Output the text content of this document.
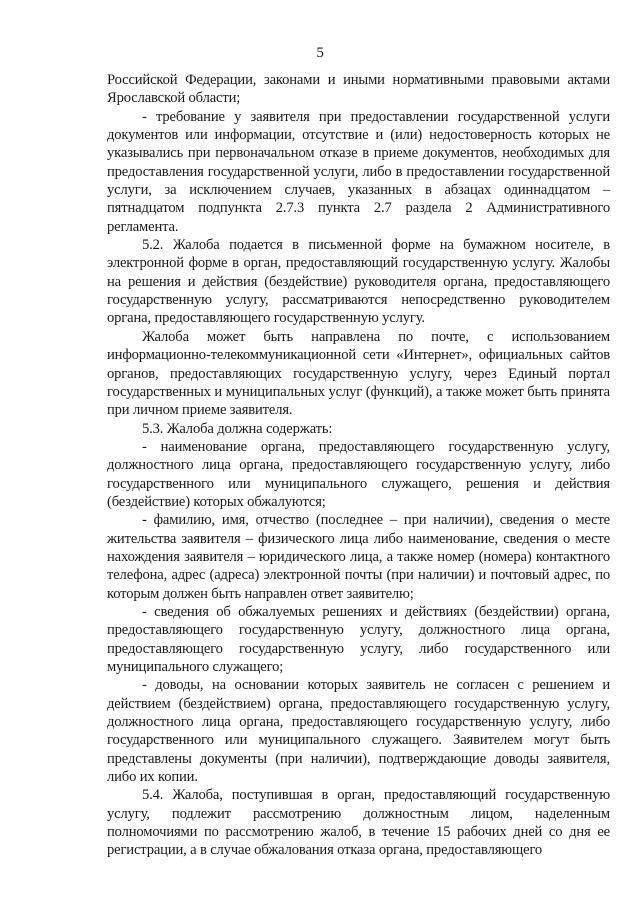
5

Российской Федерации, законами и иными нормативными правовыми актами Ярославской области;

- требование у заявителя при предоставлении государственной услуги документов или информации, отсутствие и (или) недостоверность которых не указывались при первоначальном отказе в приеме документов, необходимых для предоставления государственной услуги, либо в предоставлении государственной услуги, за исключением случаев, указанных в абзацах одиннадцатом – пятнадцатом подпункта 2.7.3 пункта 2.7 раздела 2 Административного регламента.

5.2. Жалоба подается в письменной форме на бумажном носителе, в электронной форме в орган, предоставляющий государственную услугу. Жалобы на решения и действия (бездействие) руководителя органа, предоставляющего государственную услугу, рассматриваются непосредственно руководителем органа, предоставляющего государственную услугу.

Жалоба может быть направлена по почте, с использованием информационно-телекоммуникационной сети «Интернет», официальных сайтов органов, предоставляющих государственную услугу, через Единый портал государственных и муниципальных услуг (функций), а также может быть принята при личном приеме заявителя.

5.3. Жалоба должна содержать:

- наименование органа, предоставляющего государственную услугу, должностного лица органа, предоставляющего государственную услугу, либо государственного или муниципального служащего, решения и действия (бездействие) которых обжалуются;

- фамилию, имя, отчество (последнее – при наличии), сведения о месте жительства заявителя – физического лица либо наименование, сведения о месте нахождения заявителя – юридического лица, а также номер (номера) контактного телефона, адрес (адреса) электронной почты (при наличии) и почтовый адрес, по которым должен быть направлен ответ заявителю;

- сведения об обжалуемых решениях и действиях (бездействии) органа, предоставляющего государственную услугу, должностного лица органа, предоставляющего государственную услугу, либо государственного или муниципального служащего;

- доводы, на основании которых заявитель не согласен с решением и действием (бездействием) органа, предоставляющего государственную услугу, должностного лица органа, предоставляющего государственную услугу, либо государственного или муниципального служащего. Заявителем могут быть представлены документы (при наличии), подтверждающие доводы заявителя, либо их копии.

5.4. Жалоба, поступившая в орган, предоставляющий государственную услугу, подлежит рассмотрению должностным лицом, наделенным полномочиями по рассмотрению жалоб, в течение 15 рабочих дней со дня ее регистрации, а в случае обжалования отказа органа, предоставляющего
